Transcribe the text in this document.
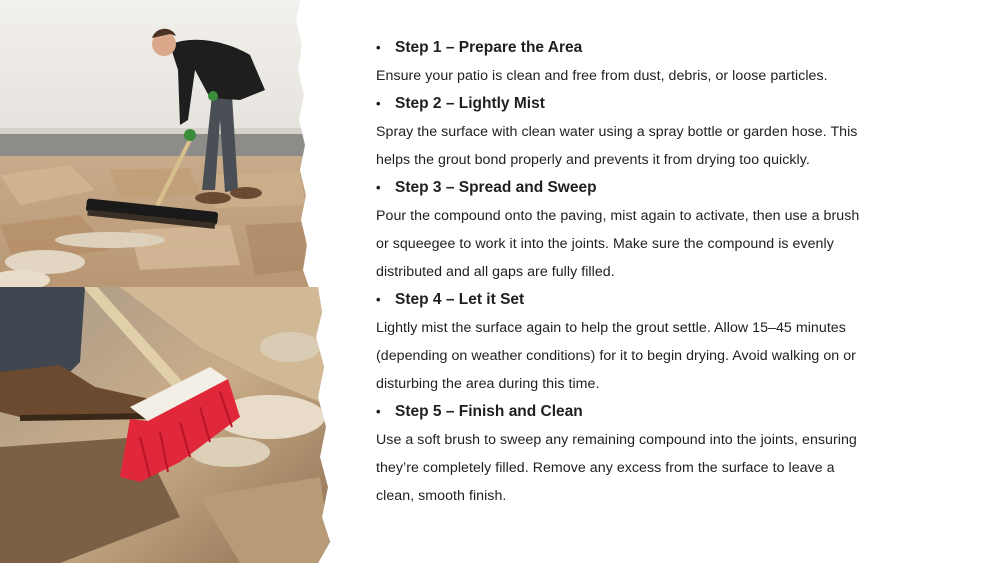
• Step 1 – Prepare the Area

Ensure your patio is clean and free from dust, debris, or loose particles.

• Step 2 – Lightly Mist

Spray the surface with clean water using a spray bottle or garden hose. This

helps the grout bond properly and prevents it from drying too quickly.

• Step 3 – Spread and Sweep

Pour the compound onto the paving, mist again to activate, then use a brush

or squeegee to work it into the joints. Make sure the compound is evenly

distributed and all gaps are fully filled.

• Step 4 – Let it Set

Lightly mist the surface again to help the grout settle. Allow 15–45 minutes

(depending on weather conditions) for it to begin drying. Avoid walking on or

disturbing the area during this time.

• Step 5 – Finish and Clean

Use a soft brush to sweep any remaining compound into the joints, ensuring

they’re completely filled. Remove any excess from the surface to leave a

clean, smooth finish.
